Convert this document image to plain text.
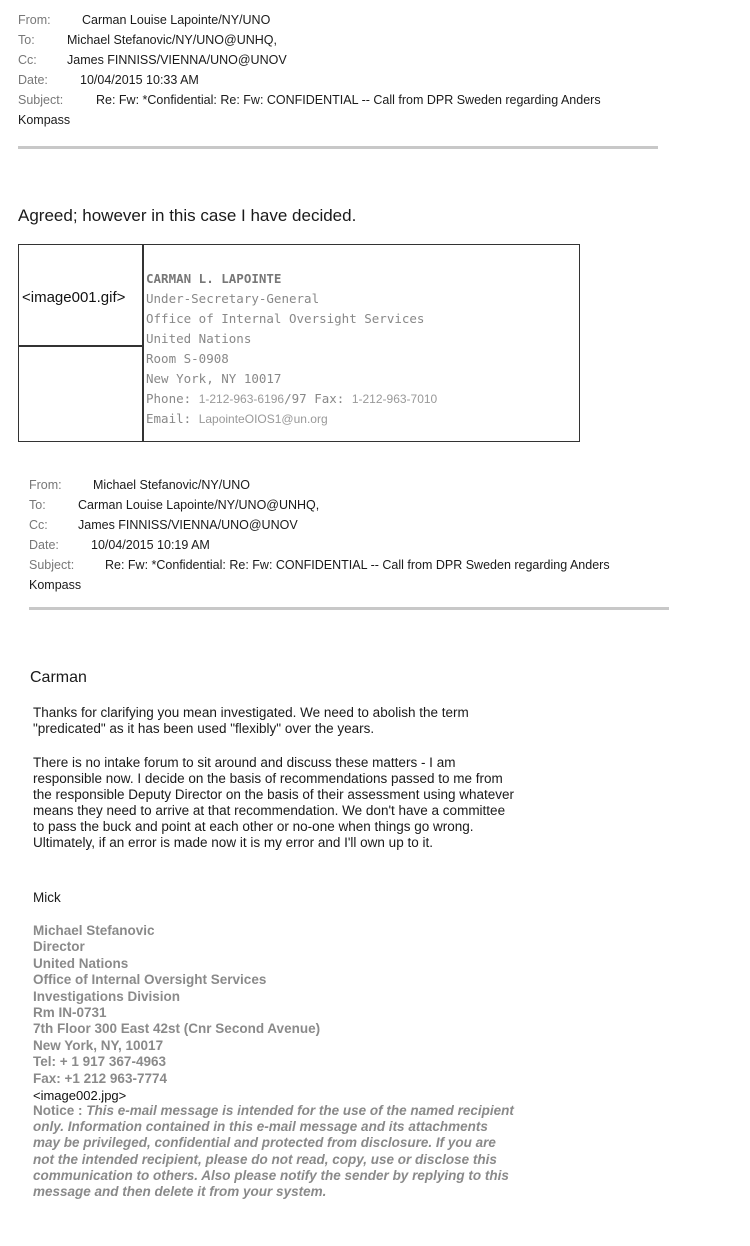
From:	Carman Louise Lapointe/NY/UNO
To:	Michael Stefanovic/NY/UNO@UNHQ,
Cc: James FINNISS/VIENNA/UNO@UNOV
Date:	10/04/2015 10:33 AM
Subject:	Re: Fw: *Confidential: Re: Fw: CONFIDENTIAL -- Call from DPR Sweden regarding Anders
Kompass
Agreed; however in this case I have decided.
<image001.gif>
CARMAN L. LAPOINTE
Under-Secretary-General
Office of Internal Oversight Services
United Nations
Room S-0908
New York, NY 10017
Phone: 1-212-963-6196/97 Fax: 1-212-963-7010
Email: LapointeOIOS1@un.org
From:	Michael Stefanovic/NY/UNO
To:	Carman Louise Lapointe/NY/UNO@UNHQ,
Cc: James FINNISS/VIENNA/UNO@UNOV
Date:	10/04/2015 10:19 AM
Subject: Re: Fw: *Confidential: Re: Fw: CONFIDENTIAL -- Call from DPR Sweden regarding Anders
Kompass
Carman
Thanks for clarifying you mean investigated. We need to abolish the term
"predicated" as it has been used "flexibly" over the years.
There is no intake forum to sit around and discuss these matters - I am
responsible now. I decide on the basis of recommendations passed to me from
the responsible Deputy Director on the basis of their assessment using whatever
means they need to arrive at that recommendation. We don't have a committee
to pass the buck and point at each other or no-one when things go wrong.
Ultimately, if an error is made now it is my error and I'll own up to it.
Mick
Michael Stefanovic
Director
United Nations
Office of Internal Oversight Services
Investigations Division
Rm IN-0731
7th Floor 300 East 42st (Cnr Second Avenue)
New York, NY, 10017
Tel: + 1 917 367-4963
Fax: +1 212 963-7774
<image002.jpg>
Notice : This e-mail message is intended for the use of the named recipient
only. Information contained in this e-mail message and its attachments
may be privileged, confidential and protected from disclosure. If you are
not the intended recipient, please do not read, copy, use or disclose this
communication to others. Also please notify the sender by replying to this
message and then delete it from your system.
